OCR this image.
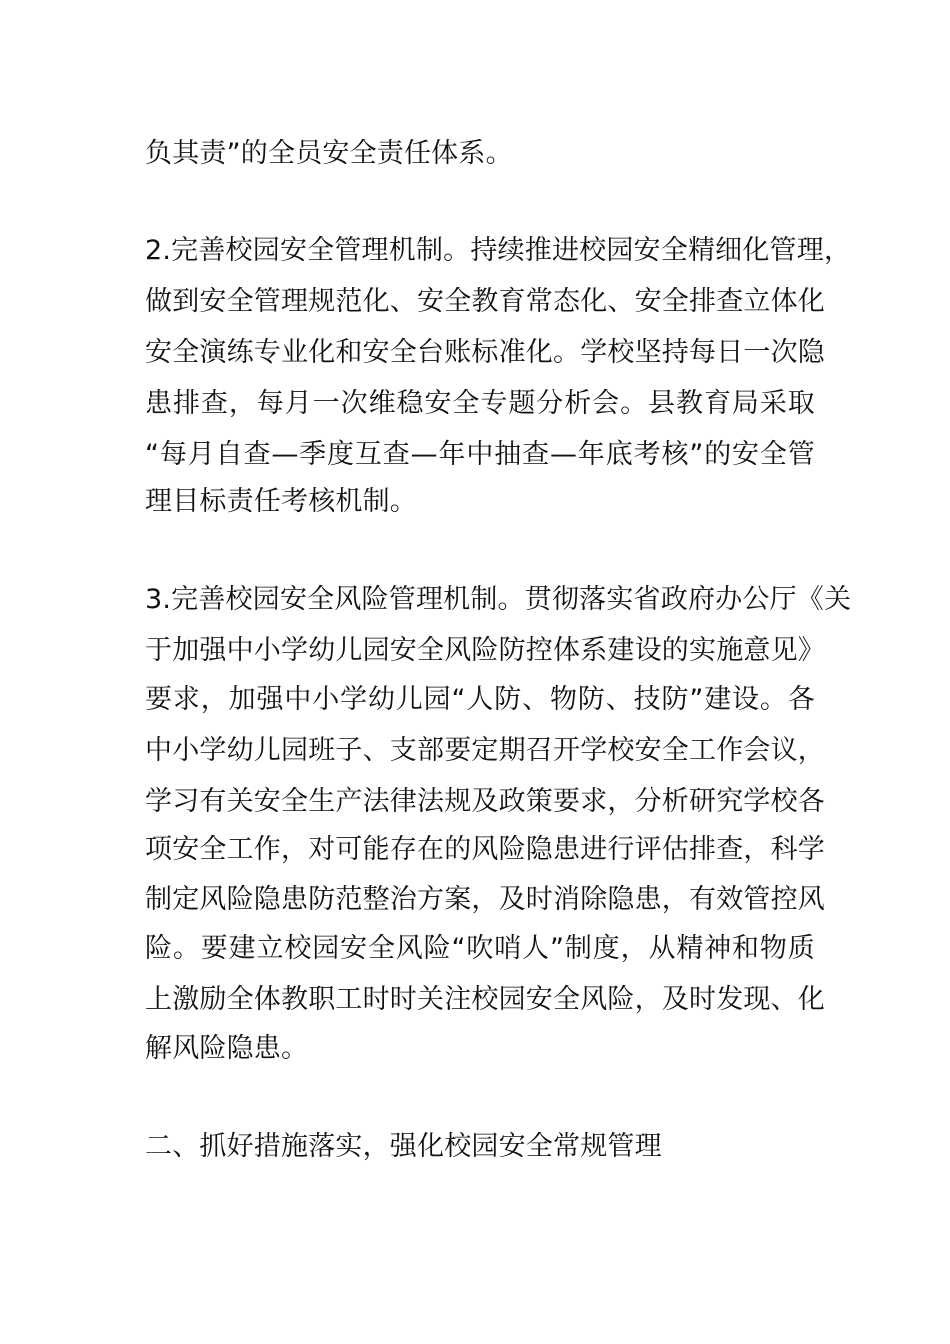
负其责”的全员安全责任体系。
2.完善校园安全管理机制。持续推进校园安全精细化管理，
做到安全管理规范化、安全教育常态化、安全排查立体化
安全演练专业化和安全台账标准化。学校坚持每日一次隐
患排查，每月一次维稳安全专题分析会。县教育局采取
“每月自查—季度互查—年中抽查—年底考核”的安全管
理目标责任考核机制。
3.完善校园安全风险管理机制。贯彻落实省政府办公厅《关
于加强中小学幼儿园安全风险防控体系建设的实施意见》
要求，加强中小学幼儿园“人防、物防、技防”建设。各
中小学幼儿园班子、支部要定期召开学校安全工作会议，
学习有关安全生产法律法规及政策要求，分析研究学校各
项安全工作，对可能存在的风险隐患进行评估排查，科学
制定风险隐患防范整治方案，及时消除隐患，有效管控风
险。要建立校园安全风险“吹哨人”制度，从精神和物质
上激励全体教职工时时关注校园安全风险，及时发现、化
解风险隐患。
二、抓好措施落实，强化校园安全常规管理
